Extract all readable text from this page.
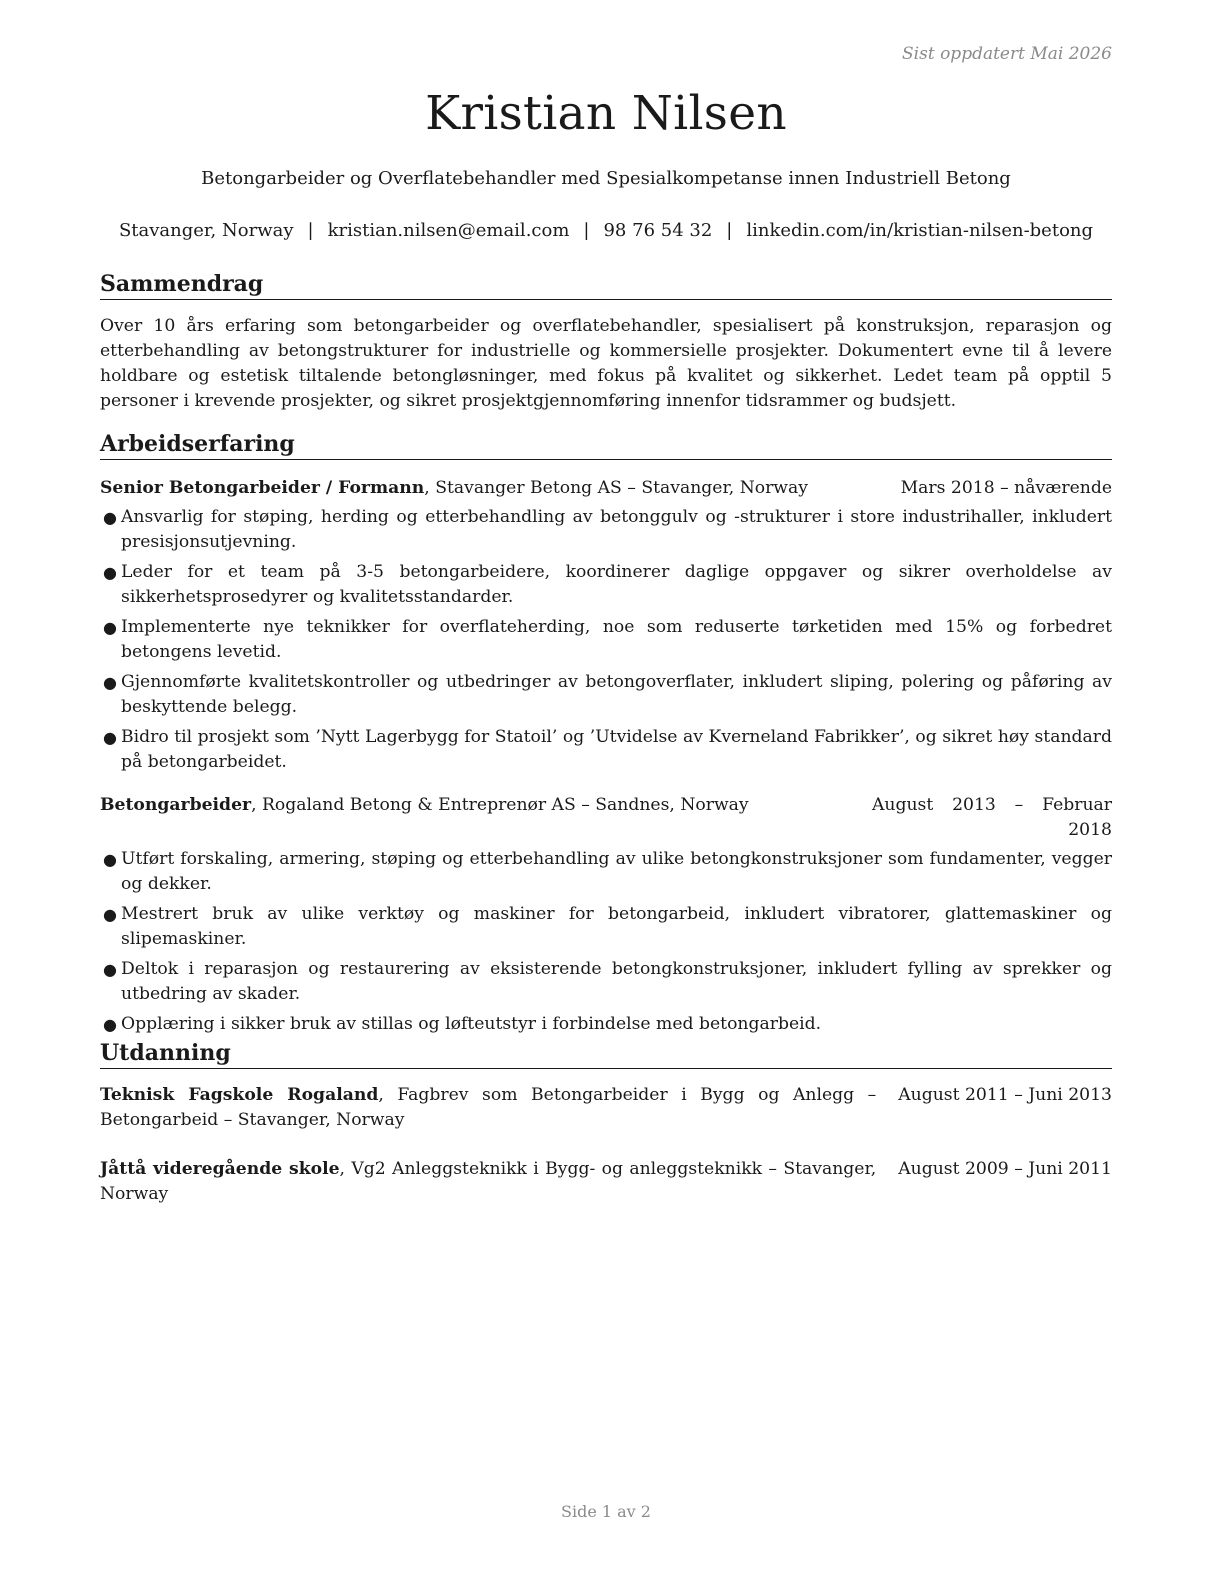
Sist oppdatert Mai 2026
Kristian Nilsen
Betongarbeider og Overflatebehandler med Spesialkompetanse innen Industriell Betong
Stavanger, Norway | kristian.nilsen@email.com | 98 76 54 32 | linkedin.com/in/kristian-nilsen-betong
Sammendrag

Over 10 års erfaring som betongarbeider og overflatebehandler, spesialisert på konstruksjon, reparasjon og etterbehandling av betongstrukturer for industrielle og kommersielle prosjekter. Dokumentert evne til å levere holdbare og estetisk tiltalende betongløsninger, med fokus på kvalitet og sikkerhet. Ledet team på opptil 5 personer i krevende prosjekter, og sikret prosjektgjennomføring innenfor tidsrammer og budsjett.

Arbeidserfaring
Senior Betongarbeider / Formann, Stavanger Betong AS – Stavanger, Norway	Mars 2018 – nåværende
● Ansvarlig for støping, herding og etterbehandling av betonggulv og -strukturer i store industrihaller, inkludert presisjonsutjevning.
● Leder for et team på 3-5 betongarbeidere, koordinerer daglige oppgaver og sikrer overholdelse av sikkerhetsprosedyrer og kvalitetsstandarder.
● Implementerte nye teknikker for overflateherding, noe som reduserte tørketiden med 15% og forbedret betongens levetid.
● Gjennomførte kvalitetskontroller og utbedringer av betongoverflater, inkludert sliping, polering og påføring av beskyttende belegg.
● Bidro til prosjekt som ’Nytt Lagerbygg for Statoil’ og ’Utvidelse av Kverneland Fabrikker’, og sikret høy standard på betongarbeidet.
Betongarbeider, Rogaland Betong & Entreprenør AS – Sandnes, Norway	August 2013 – Februar 2018
● Utført forskaling, armering, støping og etterbehandling av ulike betongkonstruksjoner som fundamenter, vegger og dekker.
● Mestrert bruk av ulike verktøy og maskiner for betongarbeid, inkludert vibratorer, glattemaskiner og slipemaskiner.
● Deltok i reparasjon og restaurering av eksisterende betongkonstruksjoner, inkludert fylling av sprekker og utbedring av skader.
● Opplæring i sikker bruk av stillas og løfteutstyr i forbindelse med betongarbeid.
Utdanning
Teknisk Fagskole Rogaland, Fagbrev som Betongarbeider i Bygg og Anlegg – Betongarbeid – Stavanger, Norway
August 2011 – Juni 2013
Jåttå videregående skole, Vg2 Anleggsteknikk i Bygg- og anleggsteknikk – Stavanger, Norway
August 2009 – Juni 2011
Side 1 av 2
